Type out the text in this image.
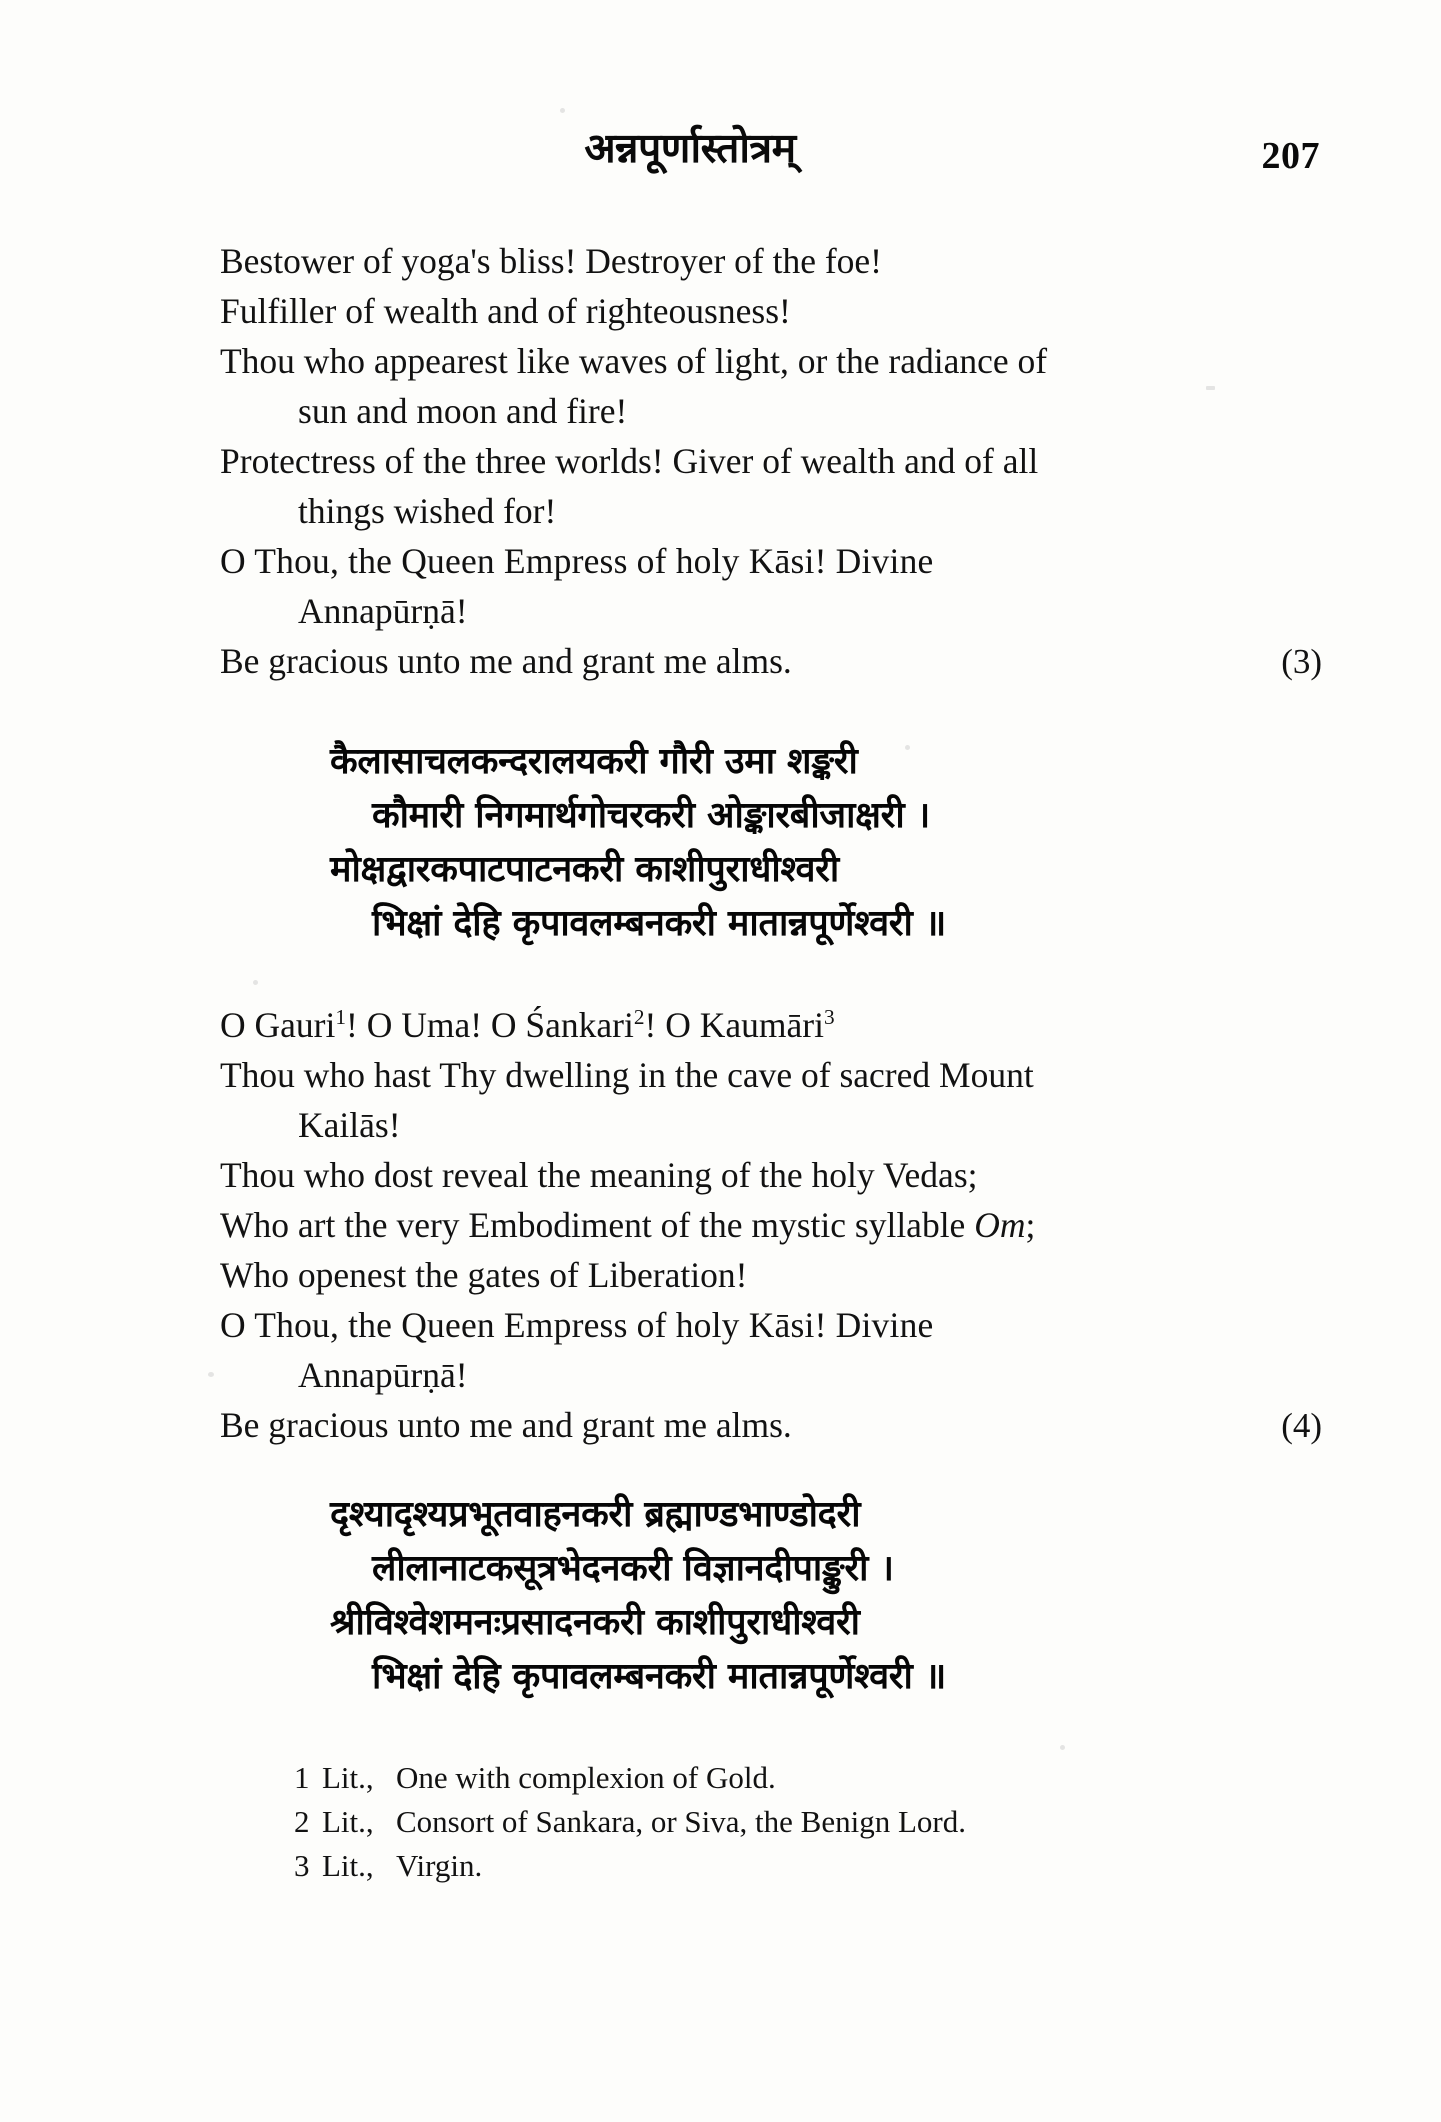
अन्नपूर्णास्तोत्रम्	207
Bestower of yoga's bliss! Destroyer of the foe!
Fulfiller of wealth and of righteousness!
Thou who appearest like waves of light, or the radiance of
sun and moon and fire!
Protectress of the three worlds! Giver of wealth and of all
things wished for!
O Thou, the Queen Empress of holy Kāsi! Divine
Annapūrṇā!
Be gracious unto me and grant me alms.	(3)
कैलासाचलकन्दरालयकरी गौरी उमा शङ्करी
कौमारी निगमार्थगोचरकरी ओङ्कारबीजाक्षरी ।
मोक्षद्वारकपाटपाटनकरी काशीपुराधीश्वरी
भिक्षां देहि कृपावलम्बनकरी मातान्नपूर्णेश्वरी ॥
O Gauri$^1$! O Uma! O Śankari$^2$! O Kaumāri$^3$
Thou who hast Thy dwelling in the cave of sacred Mount
Kailās!
Thou who dost reveal the meaning of the holy Vedas;
Who art the very Embodiment of the mystic syllable Om;
Who openest the gates of Liberation!
O Thou, the Queen Empress of holy Kāsi! Divine
Annapūrṇā!
Be gracious unto me and grant me alms.	(4)
दृश्यादृश्यप्रभूतवाहनकरी ब्रह्माण्डभाण्डोदरी
लीलानाटकसूत्रभेदनकरी विज्ञानदीपाङ्कुरी ।
श्रीविश्वेशमनःप्रसादनकरी काशीपुराधीश्वरी
भिक्षां देहि कृपावलम्बनकरी मातान्नपूर्णेश्वरी ॥
1 Lit., One with complexion of Gold.
2 Lit., Consort of Sankara, or Siva, the Benign Lord.
3 Lit., Virgin.
